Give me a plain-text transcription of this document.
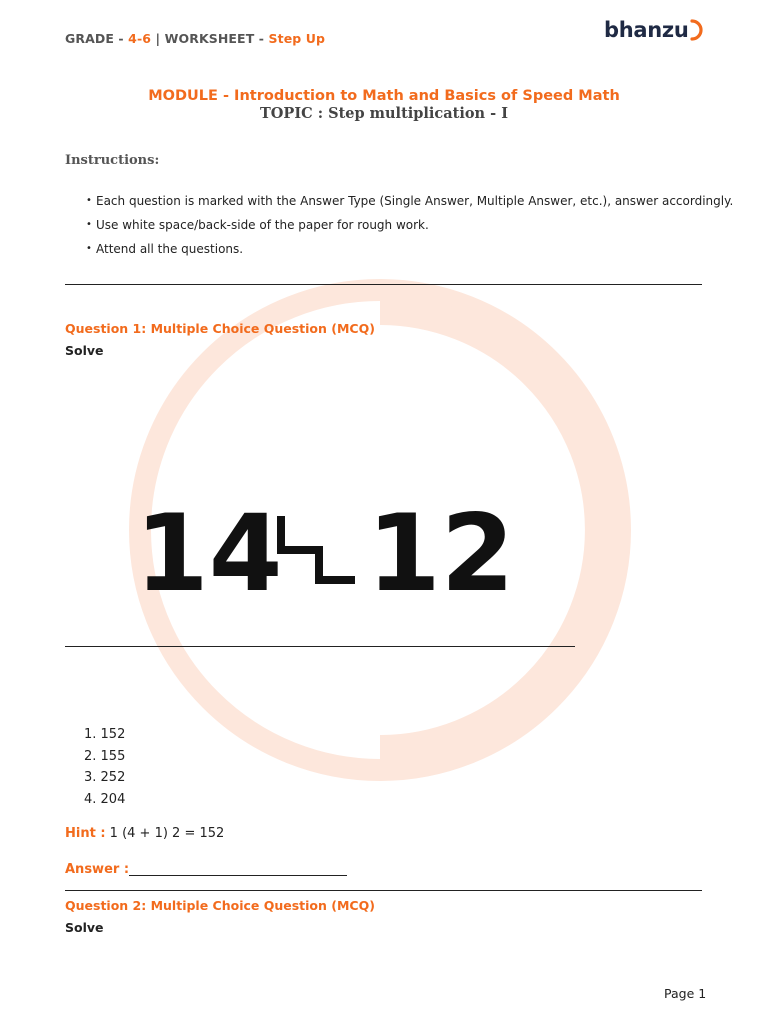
GRADE - 4-6 | WORKSHEET - Step Up	bhanzu
MODULE - Introduction to Math and Basics of Speed Math
TOPIC : Step multiplication - I
Instructions:
• Each question is marked with the Answer Type (Single Answer, Multiple Answer, etc.), answer accordingly.
• Use white space/back-side of the paper for rough work.
• Attend all the questions.
Question 1: Multiple Choice Question (MCQ)
Solve
14 12
1. 152
2. 155
3. 252
4. 204
Hint : 1 (4 + 1) 2 = 152
Answer :
Question 2: Multiple Choice Question (MCQ)
Solve
Page 1
